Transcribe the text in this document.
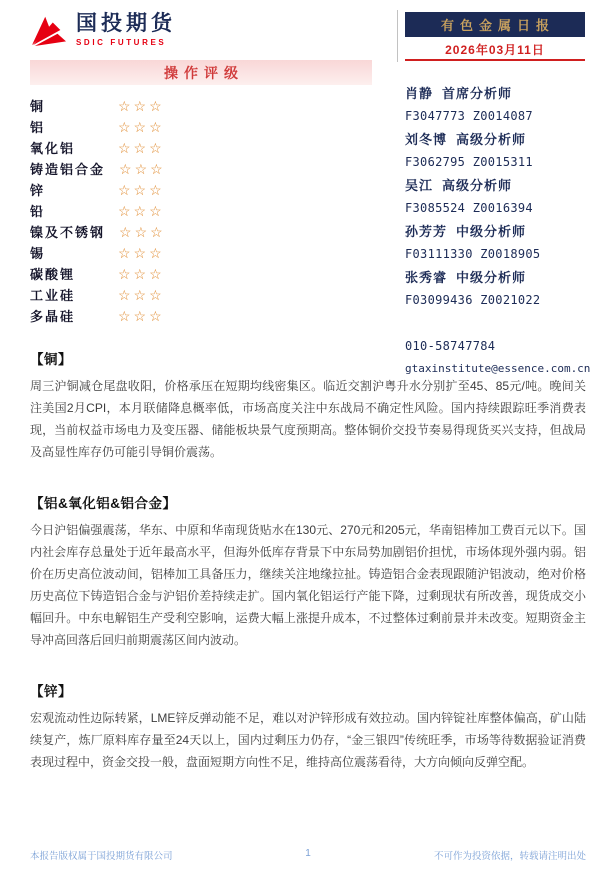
国投期货
SDIC FUTURES
有色金属日报
2026年03月11日
操作评级
铜	☆☆☆
铝	☆☆☆
氧化铝	☆☆☆
铸造铝合金 ☆☆☆
锌	☆☆☆
铅	☆☆☆
镍及不锈钢 ☆☆☆
锡	☆☆☆
碳酸锂	☆☆☆
工业硅	☆☆☆
多晶硅	☆☆☆
肖静 首席分析师
F3047773 Z0014087
刘冬博 高级分析师
F3062795 Z0015311
吴江 高级分析师
F3085524 Z0016394
孙芳芳 中级分析师
F03111330 Z0018905
张秀睿 中级分析师
F03099436 Z0021022
010-58747784
gtaxinstitute@essence.com.cn
【铜】

周三沪铜减仓尾盘收阳，价格承压在短期均线密集区。临近交割沪粤升水分别扩至45、85元/吨。晚间关注美国2月CPI，本月联储降息概率低，市场高度关注中东战局不确定性风险。国内持续跟踪旺季消费表现，当前权益市场电力及变压器、储能板块景气度预期高。整体铜价交投节奏易得现货买兴支持，但战局及高显性库存仍可能引导铜价震荡。

【铝&氧化铝&铝合金】

今日沪铝偏强震荡，华东、中原和华南现货贴水在130元、270元和205元，华南铝棒加工费百元以下。国内社会库存总量处于近年最高水平，但海外低库存背景下中东局势加剧铝价担忧，市场体现外强内弱。铝价在历史高位波动间，铝棒加工具备压力，继续关注地缘拉扯。铸造铝合金表现跟随沪铝波动，绝对价格历史高位下铸造铝合金与沪铝价差持续走扩。国内氧化铝运行产能下降，过剩现状有所改善，现货成交小幅回升。中东电解铝生产受利空影响，运费大幅上涨提升成本，不过整体过剩前景并未改变。短期资金主导冲高回落后回归前期震荡区间内波动。

【锌】

宏观流动性边际转紧，LME锌反弹动能不足，难以对沪锌形成有效拉动。国内锌锭社库整体偏高，矿山陆续复产，炼厂原料库存量至24天以上，国内过剩压力仍存，“金三银四”传统旺季，市场等待数据验证消费表现过程中，资金交投一般，盘面短期方向性不足，维持高位震荡看待，大方向倾向反弹空配。

本报告版权属于国投期货有限公司	1	不可作为投资依据，转载请注明出处
